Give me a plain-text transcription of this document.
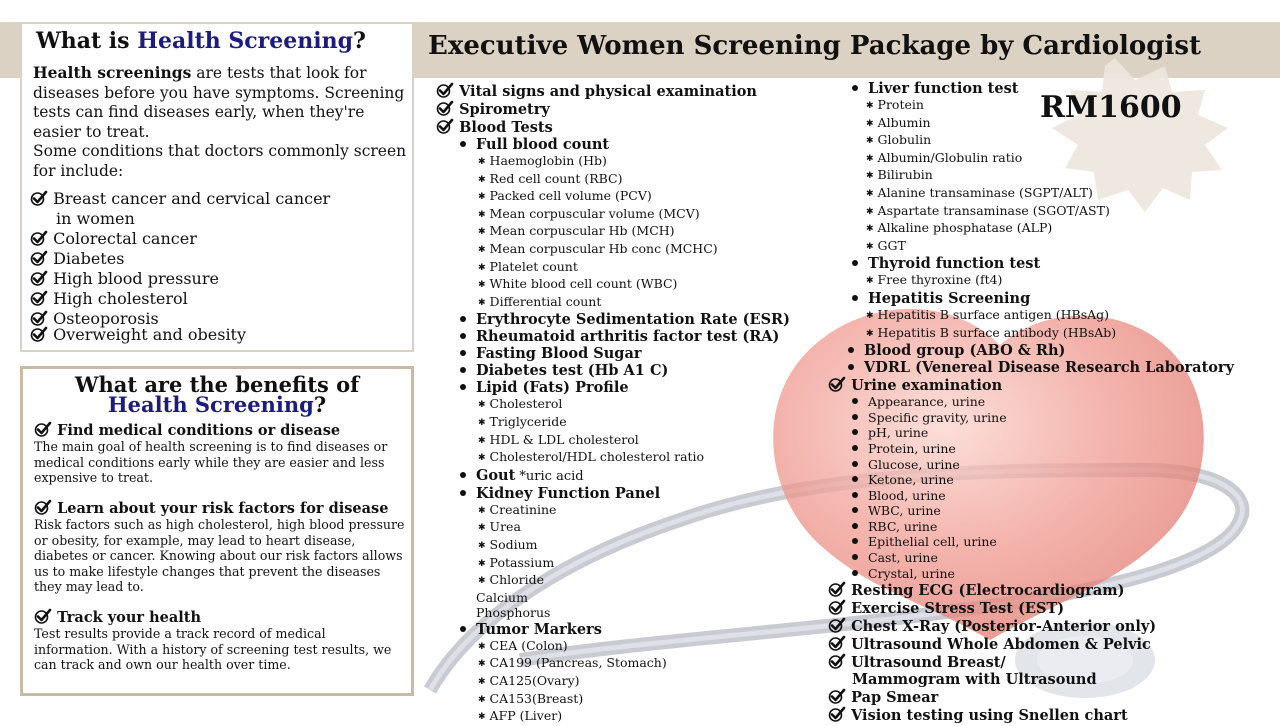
What is Health Screening?
Health screenings are tests that look for diseases before you have symptoms. Screening tests can find diseases early, when they're easier to treat.
Some conditions that doctors commonly screen for include:
Breast cancer and cervical cancer
in women
Colorectal cancer
Diabetes
High blood pressure
High cholesterol
Osteoporosis
Overweight and obesity
What are the benefits of
Health Screening?
Find medical conditions or disease
The main goal of health screening is to find diseases or medical conditions early while they are easier and less expensive to treat.
Learn about your risk factors for disease
Risk factors such as high cholesterol, high blood pressure or obesity, for example, may lead to heart disease, diabetes or cancer. Knowing about our risk factors allows us to make lifestyle changes that prevent the diseases they may lead to.
Track your health
Test results provide a track record of medical information. With a history of screening test results, we can track and own our health over time.
Executive Women Screening Package by Cardiologist
RM1600
Vital signs and physical examination
Spirometry
Blood Tests
Full blood count
✱ Haemoglobin (Hb)
✱ Red cell count (RBC)
✱ Packed cell volume (PCV)
✱ Mean corpuscular volume (MCV)
✱ Mean corpuscular Hb (MCH)
✱ Mean corpuscular Hb conc (MCHC)
✱ Platelet count
✱ White blood cell count (WBC)
✱ Differential count
Erythrocyte Sedimentation Rate (ESR)
Rheumatoid arthritis factor test (RA)
Fasting Blood Sugar
Diabetes test (Hb A1 C)
Lipid (Fats) Profile
✱ Cholesterol
✱ Triglyceride
✱ HDL & LDL cholesterol
✱ Cholesterol/HDL cholesterol ratio
Gout *uric acid
Kidney Function Panel
✱ Creatinine
✱ Urea
✱ Sodium
✱ Potassium
✱ Chloride
Calcium
Phosphorus
Tumor Markers
✱ CEA (Colon)
✱ CA199 (Pancreas, Stomach)
✱ CA125(Ovary)
✱ CA153(Breast)
✱ AFP (Liver)
Liver function test
✱ Protein
✱ Albumin
✱ Globulin
✱ Albumin/Globulin ratio
✱ Bilirubin
✱ Alanine transaminase (SGPT/ALT)
✱ Aspartate transaminase (SGOT/AST)
✱ Alkaline phosphatase (ALP)
✱ GGT
Thyroid function test
✱ Free thyroxine (ft4)
Hepatitis Screening
✱ Hepatitis B surface antigen (HBsAg)
✱ Hepatitis B surface antibody (HBsAb)
Blood group (ABO & Rh)
VDRL (Venereal Disease Research Laboratory
Urine examination
Appearance, urine
Specific gravity, urine
pH, urine
Protein, urine
Glucose, urine
Ketone, urine
Blood, urine
WBC, urine
RBC, urine
Epithelial cell, urine
Cast, urine
Crystal, urine
Resting ECG (Electrocardiogram)
Exercise Stress Test (EST)
Chest X-Ray (Posterior-Anterior only)
Ultrasound Whole Abdomen & Pelvic
Ultrasound Breast/
Mammogram with Ultrasound
Pap Smear
Vision testing using Snellen chart
